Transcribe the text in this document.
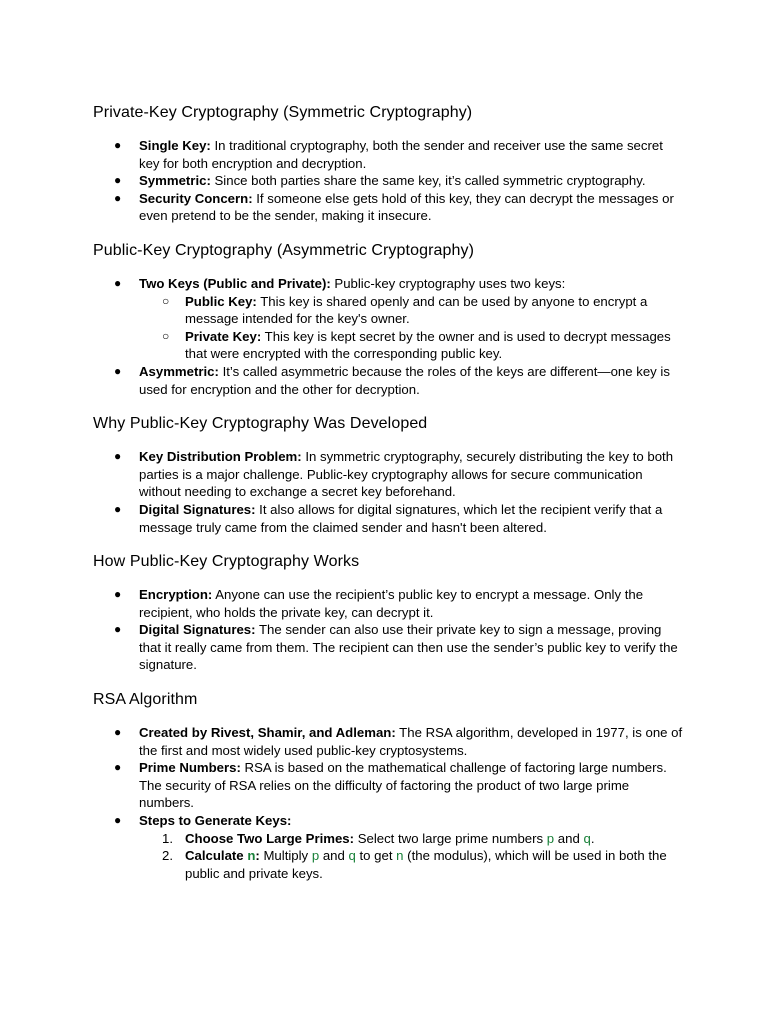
Private-Key Cryptography (Symmetric Cryptography)
● Single Key: In traditional cryptography, both the sender and receiver use the same secret key for both encryption and decryption.
● Symmetric: Since both parties share the same key, it’s called symmetric cryptography.
● Security Concern: If someone else gets hold of this key, they can decrypt the messages or even pretend to be the sender, making it insecure.
Public-Key Cryptography (Asymmetric Cryptography)
● Two Keys (Public and Private): Public-key cryptography uses two keys:
○ Public Key: This key is shared openly and can be used by anyone to encrypt a message intended for the key's owner.
○ Private Key: This key is kept secret by the owner and is used to decrypt messages that were encrypted with the corresponding public key.
● Asymmetric: It’s called asymmetric because the roles of the keys are different—one key is used for encryption and the other for decryption.
Why Public-Key Cryptography Was Developed
● Key Distribution Problem: In symmetric cryptography, securely distributing the key to both parties is a major challenge. Public-key cryptography allows for secure communication without needing to exchange a secret key beforehand.
● Digital Signatures: It also allows for digital signatures, which let the recipient verify that a message truly came from the claimed sender and hasn't been altered.
How Public-Key Cryptography Works
● Encryption: Anyone can use the recipient’s public key to encrypt a message. Only the recipient, who holds the private key, can decrypt it.
● Digital Signatures: The sender can also use their private key to sign a message, proving that it really came from them. The recipient can then use the sender’s public key to verify the signature.
RSA Algorithm
● Created by Rivest, Shamir, and Adleman: The RSA algorithm, developed in 1977, is one of the first and most widely used public-key cryptosystems.
● Prime Numbers: RSA is based on the mathematical challenge of factoring large numbers. The security of RSA relies on the difficulty of factoring the product of two large prime numbers.
● Steps to Generate Keys:
1. Choose Two Large Primes: Select two large prime numbers p and q.
2. Calculate n: Multiply p and q to get n (the modulus), which will be used in both the public and private keys.
